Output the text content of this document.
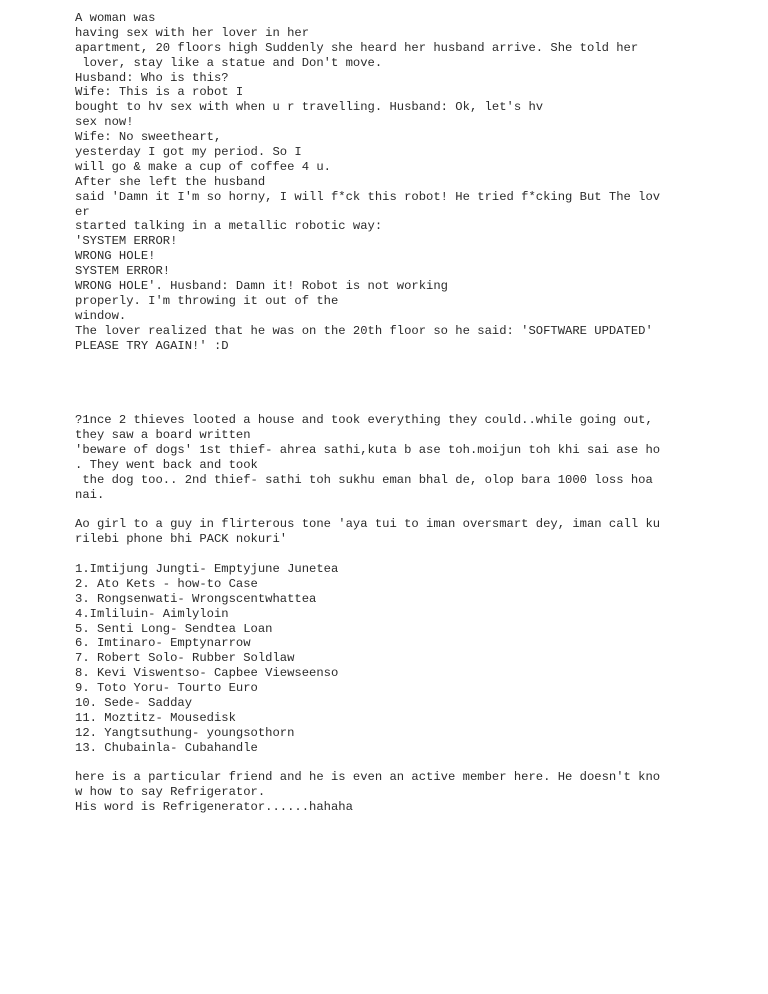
A woman was
having sex with her lover in her
apartment, 20 floors high Suddenly she heard her husband arrive. She told her
lover, stay like a statue and Don't move.
Husband: Who is this?
Wife: This is a robot I
bought to hv sex with when u r travelling. Husband: Ok, let's hv
sex now!
Wife: No sweetheart,
yesterday I got my period. So I
will go & make a cup of coffee 4 u.
After she left the husband
said 'Damn it I'm so horny, I will f*ck this robot! He tried f*cking But The lov
er
started talking in a metallic robotic way:
'SYSTEM ERROR!
WRONG HOLE!
SYSTEM ERROR!
WRONG HOLE'. Husband: Damn it! Robot is not working
properly. I'm throwing it out of the
window.
The lover realized that he was on the 20th floor so he said: 'SOFTWARE UPDATED'
PLEASE TRY AGAIN!' :D
?1nce 2 thieves looted a house and took everything they could..while going out,
they saw a board written
'beware of dogs' 1st thief- ahrea sathi,kuta b ase toh.moijun toh khi sai ase ho
. They went back and took
the dog too.. 2nd thief- sathi toh sukhu eman bhal de, olop bara 1000 loss hoa
nai.
Ao girl to a guy in flirterous tone 'aya tui to iman oversmart dey, iman call ku
rilebi phone bhi PACK nokuri'
1.Imtijung Jungti- Emptyjune Junetea
2. Ato Kets - how-to Case
3. Rongsenwati- Wrongscentwhattea
4.Imliluin- Aimlyloin
5. Senti Long- Sendtea Loan
6. Imtinaro- Emptynarrow
7. Robert Solo- Rubber Soldlaw
8. Kevi Viswentso- Capbee Viewseenso
9. Toto Yoru- Tourto Euro
10. Sede- Sadday
11. Moztitz- Mousedisk
12. Yangtsuthung- youngsothorn
13. Chubainla- Cubahandle
here is a particular friend and he is even an active member here. He doesn't kno
w how to say Refrigerator.
His word is Refrigenerator......hahaha
